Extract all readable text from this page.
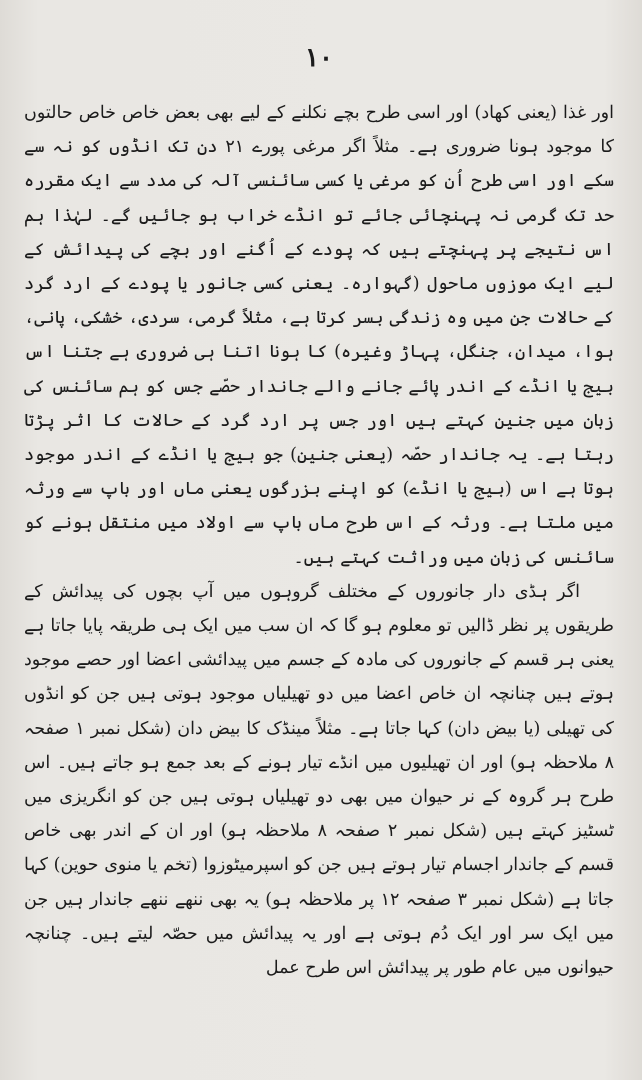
۱۰

اور غذا (یعنی کھاد) اور اسی طرح بچے نکلنے کے لیے بھی بعض خاص خاص حالتوں کا موجود ہونا ضروری ہے۔ مثلاً اگر مرغی پورے ۲۱ دن تک انڈوں کو نہ سے سکے اور اسی طرح اُن کو مرغی یا کسی سائنسی آلہ کی مدد سے ایک مقررہ حد تک گرمی نہ پہنچائی جائے تو انڈے خراب ہو جائیں گے۔ لہٰذا ہم اس نتیجے پر پہنچتے ہیں کہ پودے کے اُگنے اور بچے کی پیدائش کے لیے ایک موزوں ماحول (گہوارہ۔ یعنی کسی جانور یا پودے کے ارد گرد کے حالات جن میں وہ زندگی بسر کرتا ہے، مثلاً گرمی، سردی، خشکی، پانی، ہوا، میدان، جنگل، پہاڑ وغیرہ) کا ہونا اتنا ہی ضروری ہے جتنا اس بیج یا انڈے کے اندر پائے جانے والے جاندار حصّے جس کو ہم سائنس کی زبان میں جنین کہتے ہیں اور جس پر ارد گرد کے حالات کا اثر پڑتا رہتا ہے۔ یہ جاندار حصّہ (یعنی جنین) جو بیج یا انڈے کے اندر موجود ہوتا ہے اس (بیج یا انڈے) کو اپنے بزرگوں یعنی ماں اور باپ سے ورثہ میں ملتا ہے۔ ورثہ کے اس طرح ماں باپ سے اولاد میں منتقل ہونے کو سائنس کی زبان میں وراثت کہتے ہیں۔

اگر ہڈی دار جانوروں کے مختلف گروہوں میں آپ بچوں کی پیدائش کے طریقوں پر نظر ڈالیں تو معلوم ہو گا کہ ان سب میں ایک ہی طریقہ پایا جاتا ہے یعنی ہر قسم کے جانوروں کی مادہ کے جسم میں پیدائشی اعضا اور حصے موجود ہوتے ہیں چنانچہ ان خاص اعضا میں دو تھیلیاں موجود ہوتی ہیں جن کو انڈوں کی تھیلی (یا بیض دان) کہا جاتا ہے۔ مثلاً مینڈک کا بیض دان (شکل نمبر ۱ صفحہ ۸ ملاحظہ ہو) اور ان تھیلیوں میں انڈے تیار ہونے کے بعد جمع ہو جاتے ہیں۔ اس طرح ہر گروہ کے نر حیوان میں بھی دو تھیلیاں ہوتی ہیں جن کو انگریزی میں ٹسٹیز کہتے ہیں (شکل نمبر ۲ صفحہ ۸ ملاحظہ ہو) اور ان کے اندر بھی خاص قسم کے جاندار اجسام تیار ہوتے ہیں جن کو اسپرمیٹوزوا (تخم یا منوی حوین) کہا جاتا ہے (شکل نمبر ۳ صفحہ ۱۲ پر ملاحظہ ہو) یہ بھی ننھے ننھے جاندار ہیں جن میں ایک سر اور ایک دُم ہوتی ہے اور یہ پیدائش میں حصّہ لیتے ہیں۔ چنانچہ حیوانوں میں عام طور پر پیدائش اس طرح عمل
